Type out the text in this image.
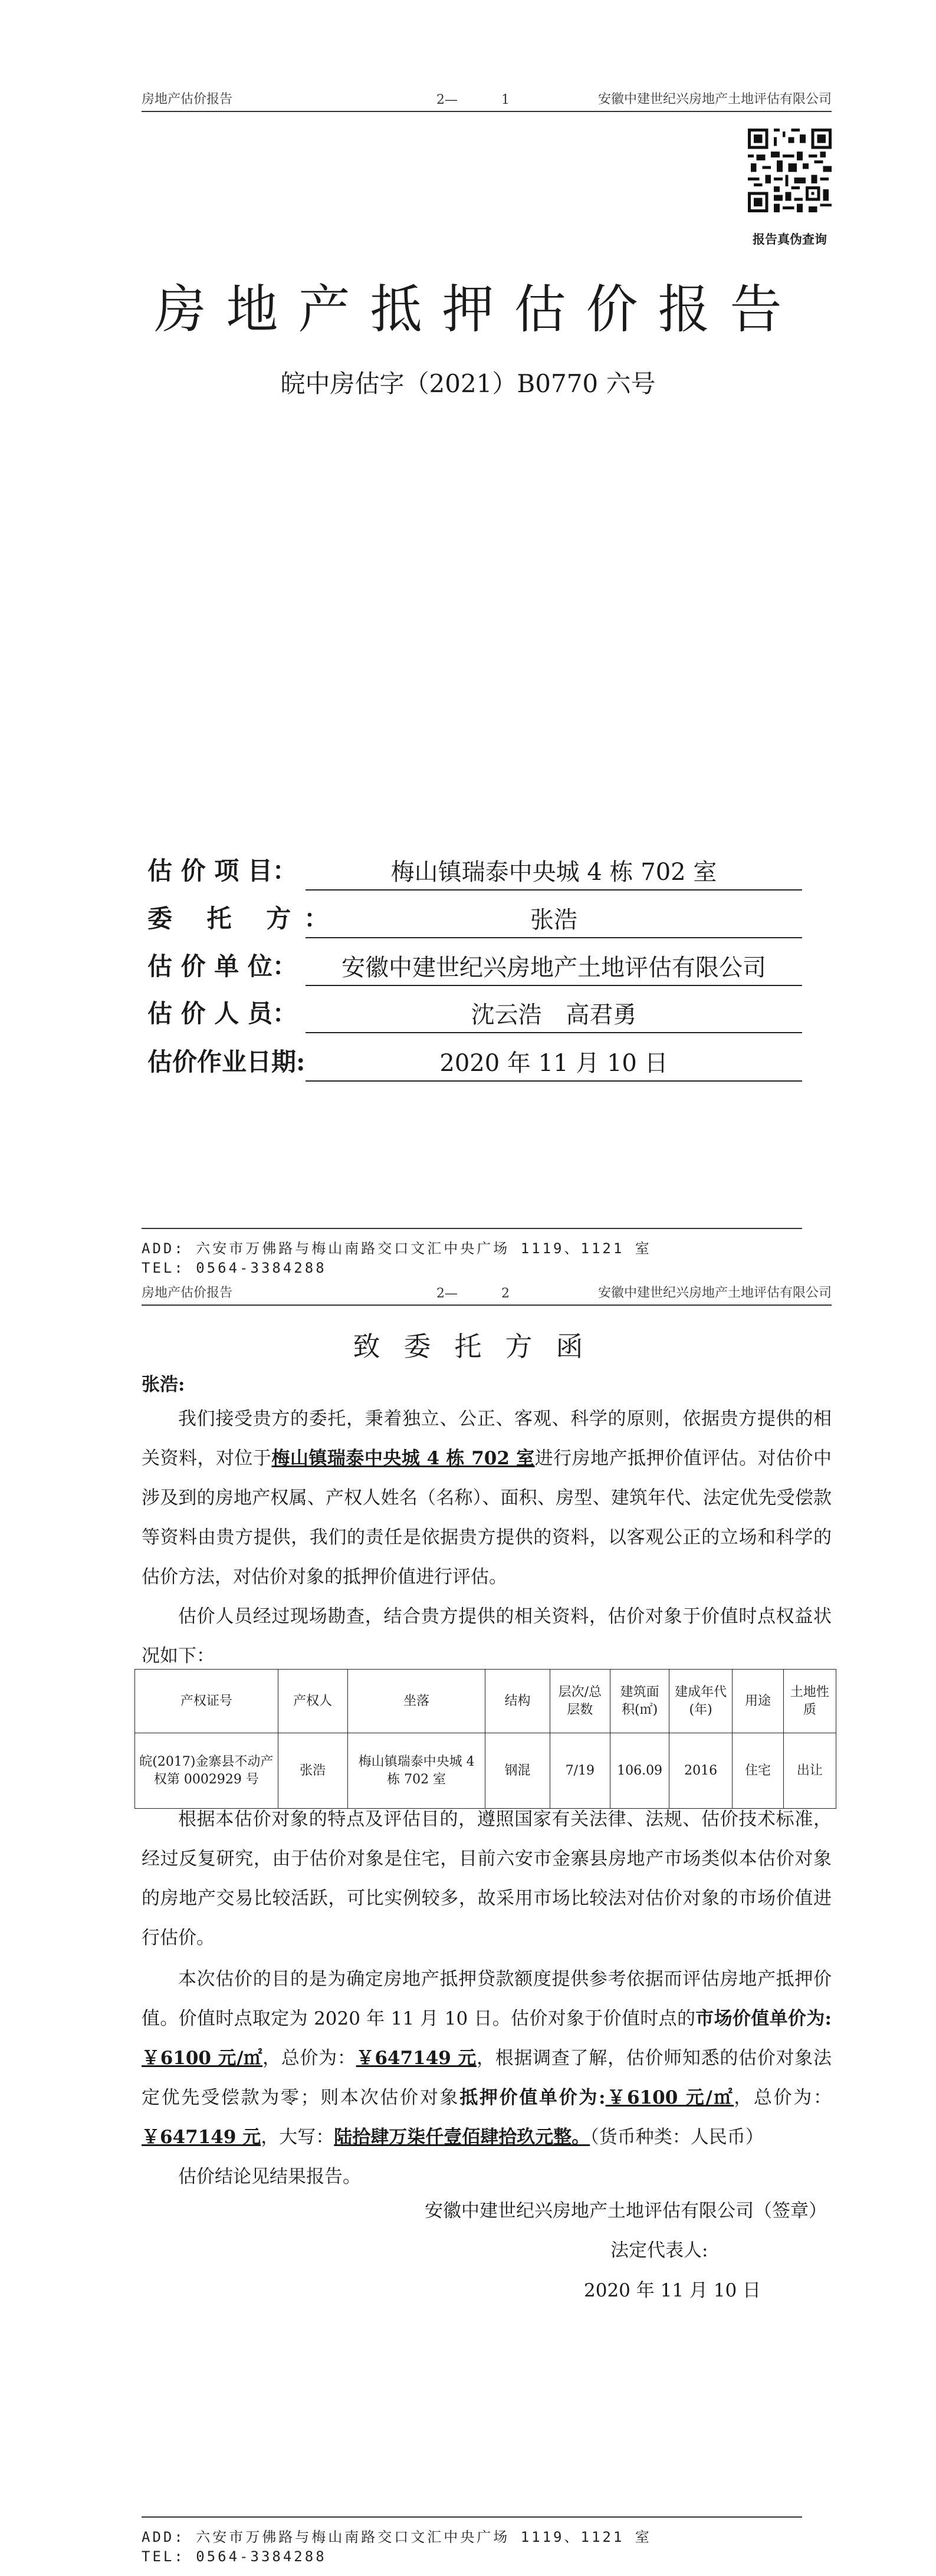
房地产估价报告	2—	1	安徽中建世纪兴房地产土地评估有限公司
报告真伪查询
房地产抵押估价报告
皖中房估字（2021）B0770 六号
估 价 项 目：	梅山镇瑞泰中央城 4 栋 702 室
委 托 方：	张浩
估 价 单 位：	安徽中建世纪兴房地产土地评估有限公司
估 价 人 员：	沈云浩 高君勇
估价作业日期:	2020 年 11 月 10 日
ADD: 六安市万佛路与梅山南路交口文汇中央广场 1119、1121 室
TEL: 0564-3384288
房地产估价报告	2—	2	安徽中建世纪兴房地产土地评估有限公司
致委托方函
张浩:
我们接受贵方的委托，秉着独立、公正、客观、科学的原则，依据贵方提供的相关资料，对位于梅山镇瑞泰中央城 4 栋 702 室进行房地产抵押价值评估。对估价中涉及到的房地产权属、产权人姓名（名称）、面积、房型、建筑年代、法定优先受偿款等资料由贵方提供，我们的责任是依据贵方提供的资料，以客观公正的立场和科学的估价方法，对估价对象的抵押价值进行评估。
估价人员经过现场勘查，结合贵方提供的相关资料，估价对象于价值时点权益状况如下：
产权证号	产权人	坐落	结构	层次/总层数	建筑面积(㎡)	建成年代(年)	用途	土地性质
皖(2017)金寨县不动产权第 0002929 号	张浩	梅山镇瑞泰中央城 4 栋 702 室	钢混	7/19	106.09	2016	住宅	出让
根据本估价对象的特点及评估目的，遵照国家有关法律、法规、估价技术标准，经过反复研究，由于估价对象是住宅，目前六安市金寨县房地产市场类似本估价对象的房地产交易比较活跃，可比实例较多，故采用市场比较法对估价对象的市场价值进行估价。
本次估价的目的是为确定房地产抵押贷款额度提供参考依据而评估房地产抵押价值。价值时点取定为 2020 年 11 月 10 日。估价对象于价值时点的市场价值单价为:￥6100 元/㎡，总价为：￥647149 元，根据调查了解，估价师知悉的估价对象法定优先受偿款为零；则本次估价对象抵押价值单价为:￥6100 元/㎡，总价为：￥647149 元，大写：陆拾肆万柒仟壹佰肆拾玖元整。（货币种类：人民币）
估价结论见结果报告。
安徽中建世纪兴房地产土地评估有限公司（签章）
法定代表人:
2020 年 11 月 10 日
ADD: 六安市万佛路与梅山南路交口文汇中央广场 1119、1121 室
TEL: 0564-3384288
